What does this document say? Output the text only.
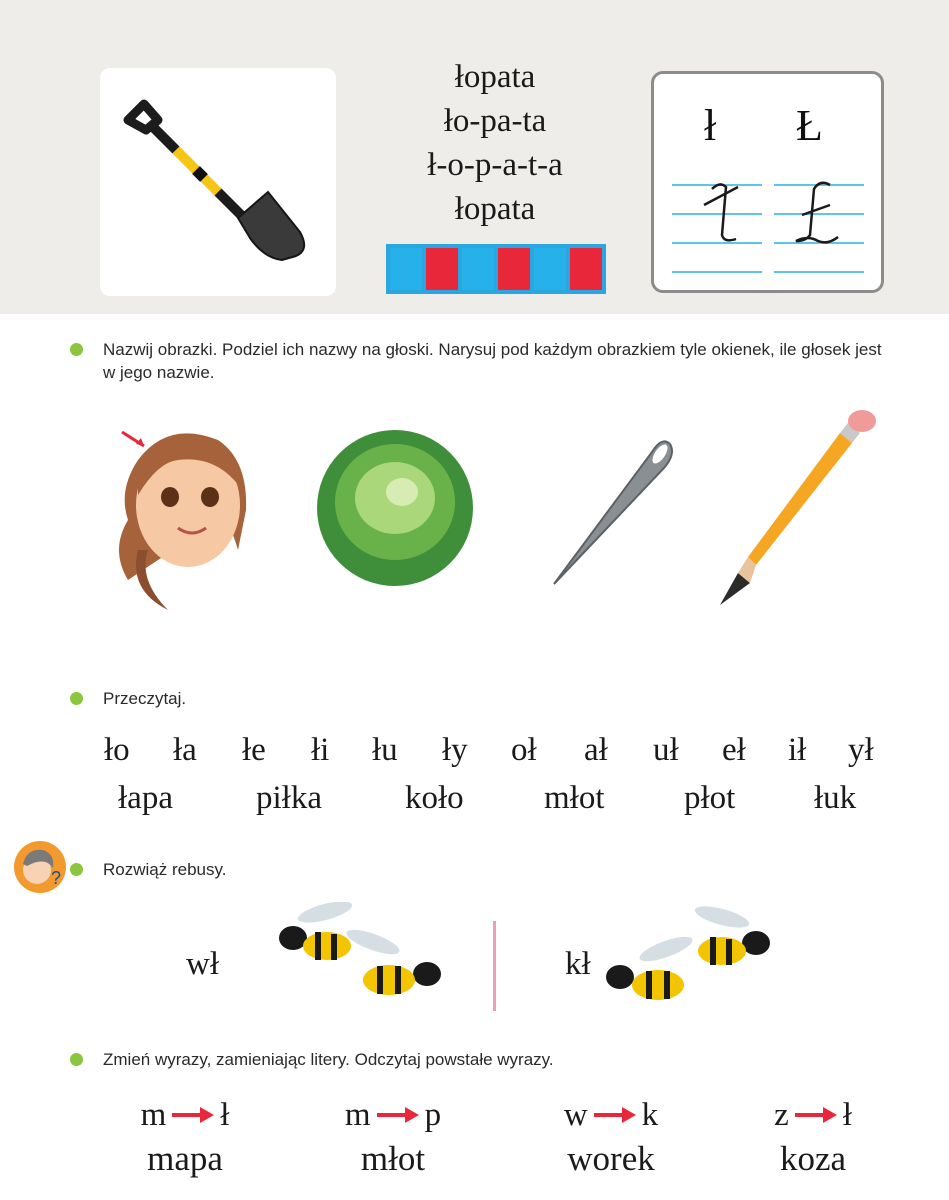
łopata
ło-pa-ta
ł-o-p-a-t-a
łopata
ł Ł
Nazwij obrazki. Podziel ich nazwy na głoski. Narysuj pod każdym obrazkiem tyle okienek, ile głosek jest w jego nazwie.
Przeczytaj.
ło ła łe łi łu ły oł ał uł eł ił ył
łapa	piłka	koło młot płot łuk
? Rozwiąż rebusy.
wł	kł
Zmień wyrazy, zamieniając litery. Odczytaj powstałe wyrazy.
m ł
mapa
m p
młot
w k
worek
z ł
koza
